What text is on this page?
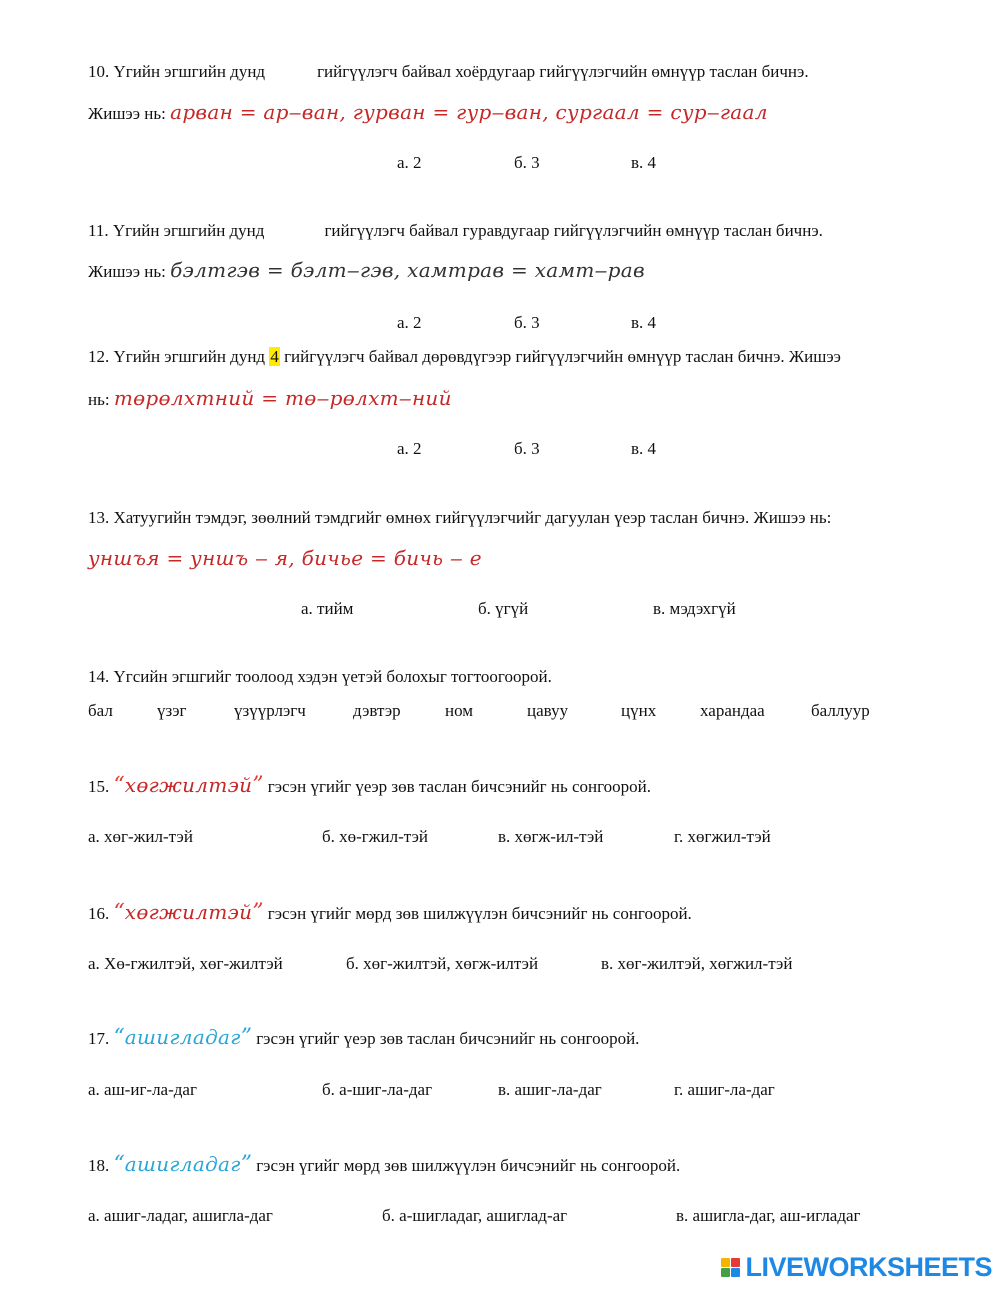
10. Үгийн эгшгийн дунд	гийгүүлэгч байвал хоёрдугаар гийгүүлэгчийн өмнүүр таслан бичнэ.
Жишээ нь: арван = ар‒ван, гурван = гур‒ван, сургаал = сур‒гаал
а. 2	б. 3	в. 4
11. Үгийн эгшгийн дунд	гийгүүлэгч байвал гуравдугаар гийгүүлэгчийн өмнүүр таслан бичнэ.
Жишээ нь: бэлтгэв = бэлт‒гэв, хамтрав = хамт‒рав
а. 2	б. 3	в. 4
12. Үгийн эгшгийн дунд 4 гийгүүлэгч байвал дөрөвдүгээр гийгүүлэгчийн өмнүүр таслан бичнэ. Жишээ
нь: төрөлхтний = тө‒рөлхт‒ний
а. 2	б. 3	в. 4
13. Хатуугийн тэмдэг, зөөлний тэмдгийг өмнөх гийгүүлэгчийг дагуулан үеэр таслан бичнэ. Жишээ нь:
уншъя = уншъ ‒ я, бичье = бичь ‒ е
а. тийм	б. үгүй	в. мэдэхгүй
14. Үгсийн эгшгийг тоолоод хэдэн үетэй болохыг тогтоогоорой.
бал	үзэг	үзүүрлэгч	дэвтэр	ном	цавуу	цүнх	харандаа	баллуур
15. “хөгжилтэй” гэсэн үгийг үеэр зөв таслан бичсэнийг нь сонгоорой.
а. хөг-жил-тэй	б. хө-гжил-тэй	в. хөгж-ил-тэй	г. хөгжил-тэй
16. “хөгжилтэй” гэсэн үгийг мөрд зөв шилжүүлэн бичсэнийг нь сонгоорой.
а. Хө-гжилтэй, хөг-жилтэй	б. хөг-жилтэй, хөгж-илтэй	в. хөг-жилтэй, хөгжил-тэй
17. “ашигладаг” гэсэн үгийг үеэр зөв таслан бичсэнийг нь сонгоорой.
а. аш-иг-ла-даг	б. а-шиг-ла-даг	в. ашиг-ла-даг	г. ашиг-ла-даг
18. “ашигладаг” гэсэн үгийг мөрд зөв шилжүүлэн бичсэнийг нь сонгоорой.
а. ашиг-ладаг, ашигла-даг	б. а-шигладаг, ашиглад-аг	в. ашигла-даг, аш-игладаг
LIVEWORKSHEETS
